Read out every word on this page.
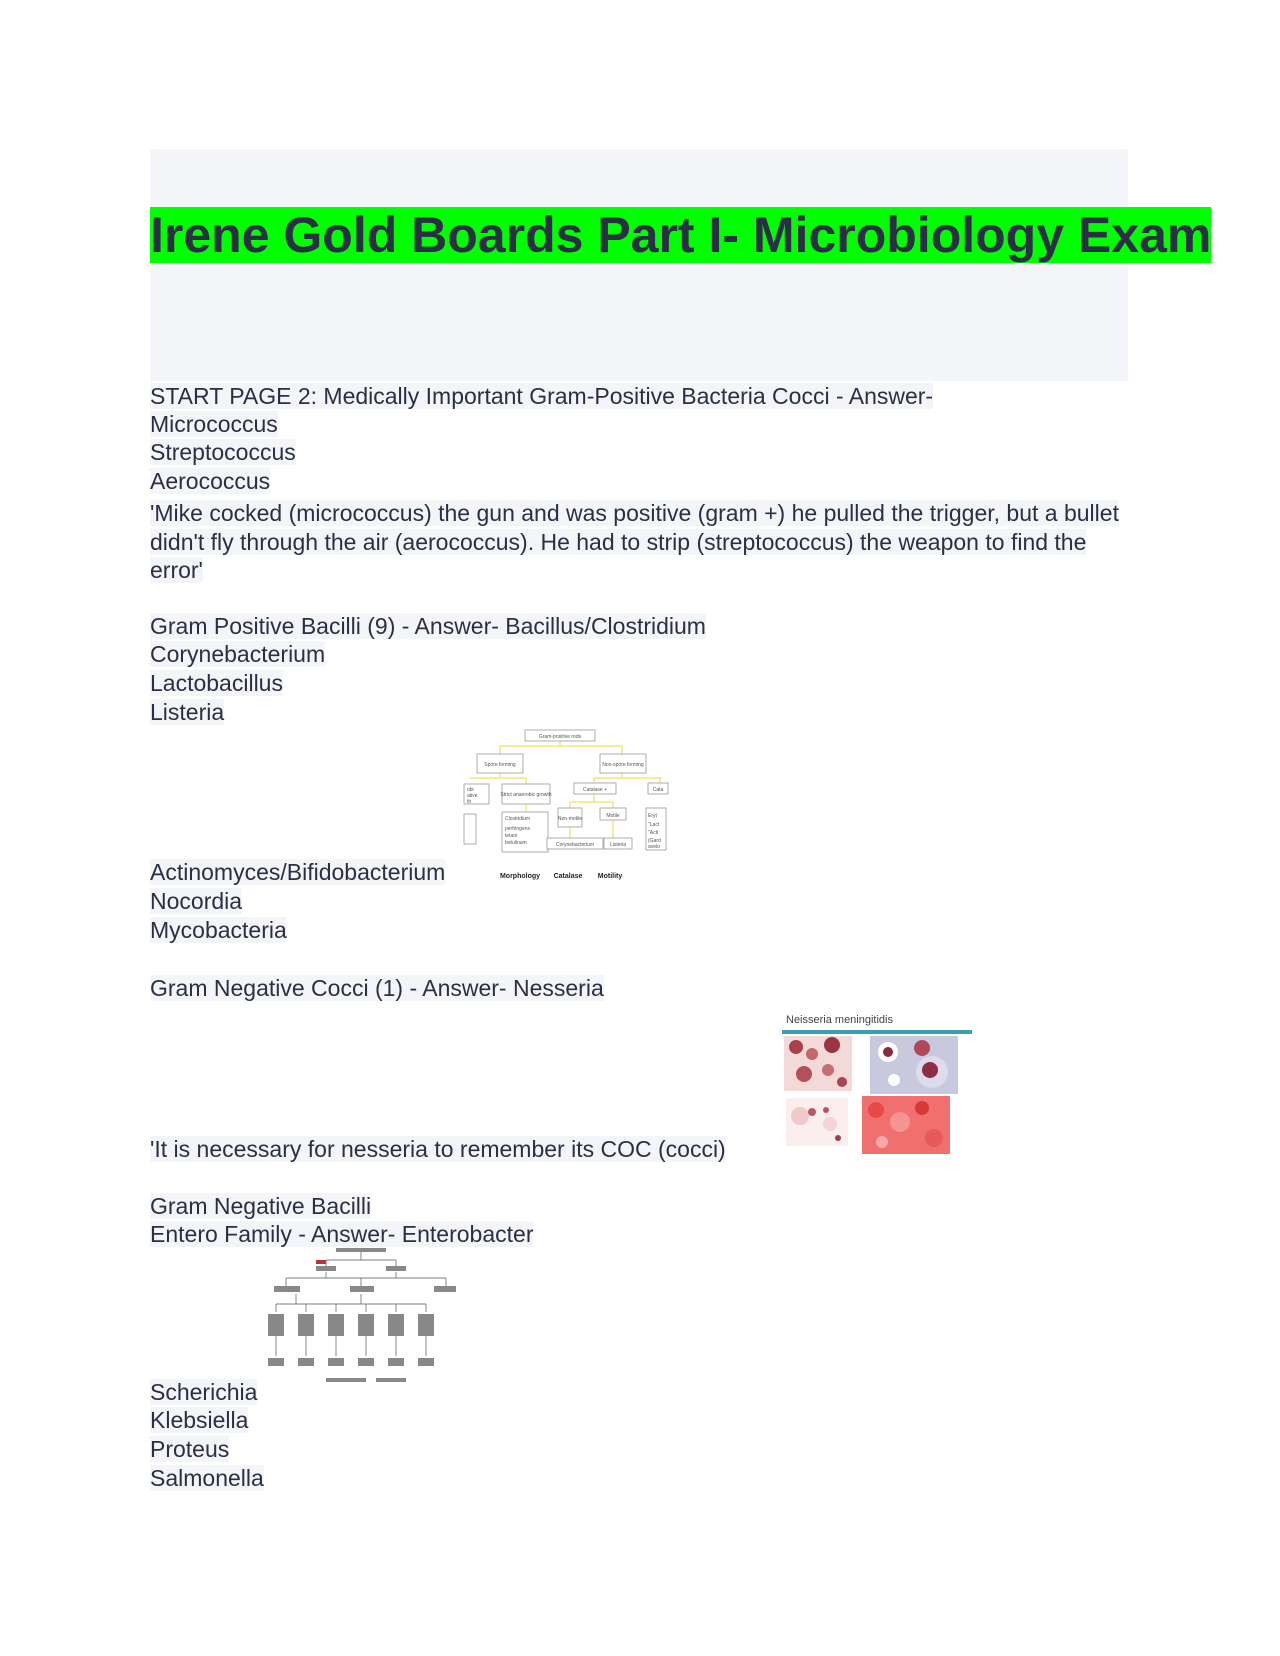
Irene Gold Boards Part I- Microbiology Exam
START PAGE 2: Medically Important Gram-Positive Bacteria Cocci - Answer-
Micrococcus
Streptococcus
Aerococcus

'Mike cocked (micrococcus) the gun and was positive (gram +) he pulled the trigger, but a bullet didn't fly through the air (aerococcus). He had to strip (streptococcus) the weapon to find the error'

Gram Positive Bacilli (9) - Answer- Bacillus/Clostridium
Corynebacterium
Lactobacillus
Listeria
Gram-positive rods
Spore forming	Non-spore forming
Strict anaerobic growth
Catalase +	Cata
Non-motile	Motile
Corynebacterium	Listeria
Clostridium
perfringens
tetani
botulinum
obi
ative
th
Eryt
"Lact
"Acti
(Gard
avelo
Morphology Catalase Motility
Actinomyces/Bifidobacterium
Nocordia
Mycobacteria
Gram Negative Cocci (1) - Answer- Nesseria
Neisseria meningitidis
'It is necessary for nesseria to remember its COC (cocci)
Gram Negative Bacilli
Entero Family - Answer- Enterobacter
Scherichia
Klebsiella
Proteus
Salmonella
